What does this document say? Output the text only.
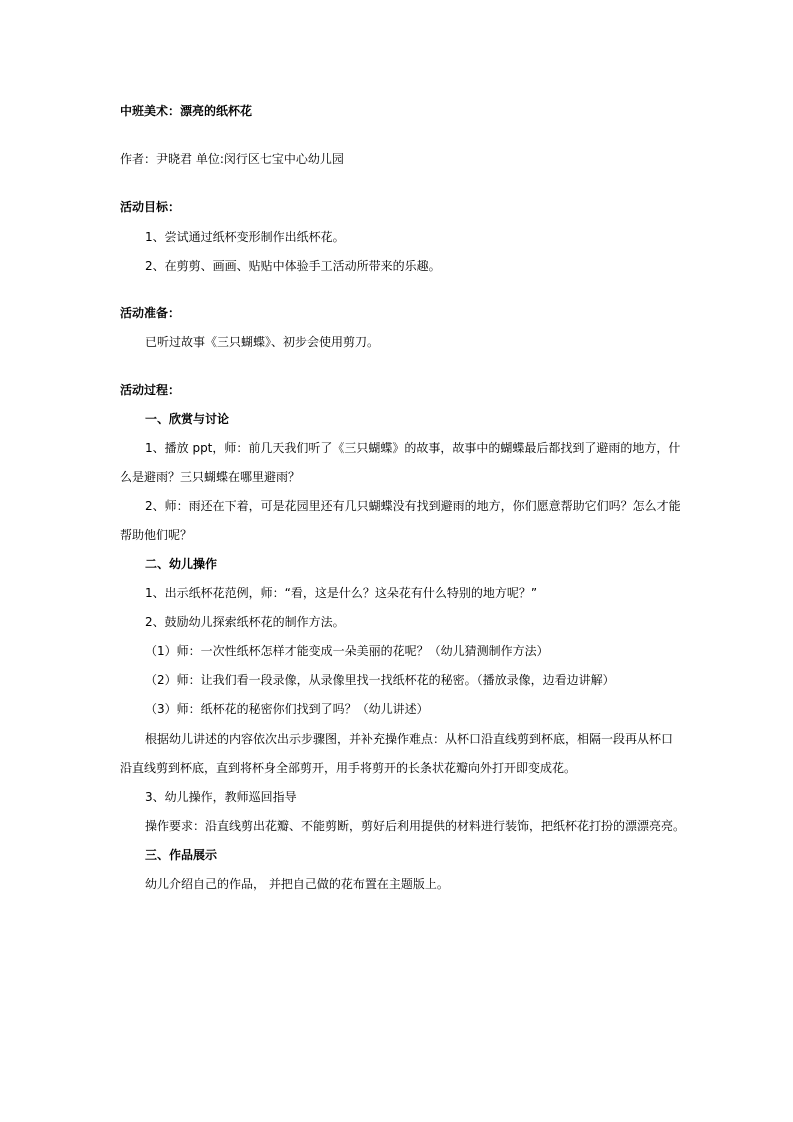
中班美术：漂亮的纸杯花
作者：尹晓君 单位:闵行区七宝中心幼儿园
活动目标：
1、尝试通过纸杯变形制作出纸杯花。
2、在剪剪、画画、贴贴中体验手工活动所带来的乐趣。
活动准备：
已听过故事《三只蝴蝶》、初步会使用剪刀。
活动过程：
一、欣赏与讨论
1、播放 ppt，师：前几天我们听了《三只蝴蝶》的故事，故事中的蝴蝶最后都找到了避雨的地方，什
么是避雨？三只蝴蝶在哪里避雨？
2、师：雨还在下着，可是花园里还有几只蝴蝶没有找到避雨的地方，你们愿意帮助它们吗？怎么才能
帮助他们呢？
二、幼儿操作
1、出示纸杯花范例，师：“看，这是什么？这朵花有什么特别的地方呢？”
2、鼓励幼儿探索纸杯花的制作方法。
（1）师：一次性纸杯怎样才能变成一朵美丽的花呢？（幼儿猜测制作方法）
（2）师：让我们看一段录像，从录像里找一找纸杯花的秘密。（播放录像，边看边讲解）
（3）师：纸杯花的秘密你们找到了吗？（幼儿讲述）
根据幼儿讲述的内容依次出示步骤图，并补充操作难点：从杯口沿直线剪到杯底，相隔一段再从杯口
沿直线剪到杯底，直到将杯身全部剪开，用手将剪开的长条状花瓣向外打开即变成花。
3、幼儿操作，教师巡回指导
操作要求：沿直线剪出花瓣、不能剪断，剪好后利用提供的材料进行装饰，把纸杯花打扮的漂漂亮亮。
三、作品展示
幼儿介绍自己的作品， 并把自己做的花布置在主题版上。
